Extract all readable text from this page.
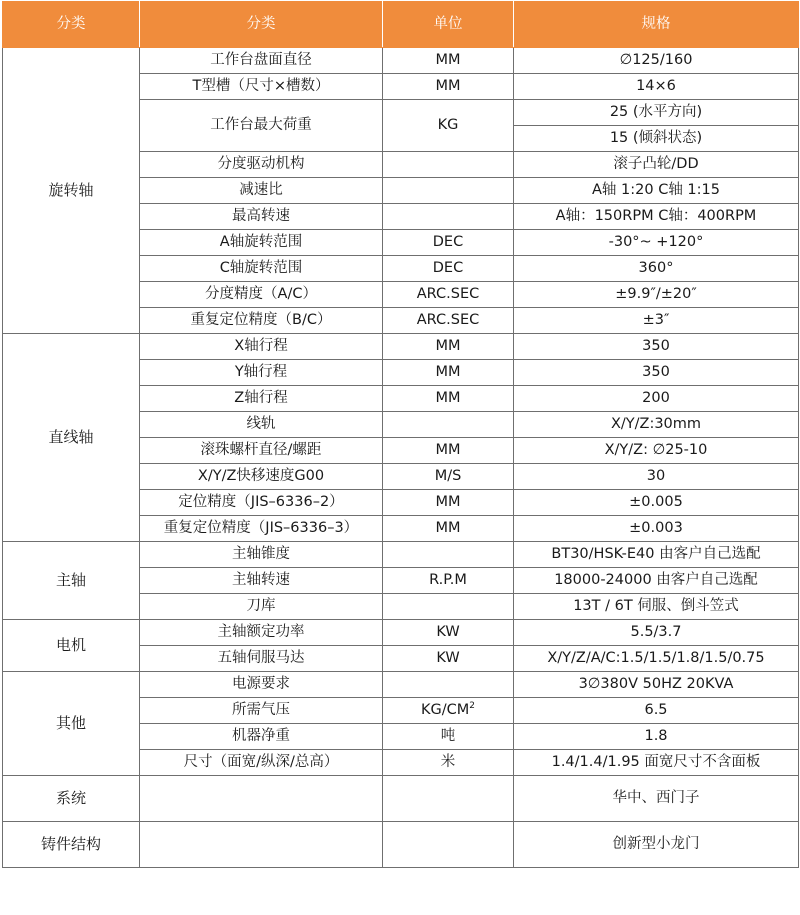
分类	分类	单位	规格
旋转轴	工作台盘面直径	MM	∅125/160
	T型槽（尺寸×槽数）	MM	14×6
	工作台最大荷重	KG	25 (水平方向)
			15 (倾斜状态)
	分度驱动机构		滚子凸轮/DD
	减速比		A轴 1:20 C轴 1:15
	最高转速		A轴：150RPM C轴：400RPM
	A轴旋转范围	DEC	-30°~ +120°
	C轴旋转范围	DEC	360°
	分度精度（A/C）	ARC.SEC	±9.9″/±20″
	重复定位精度（B/C）	ARC.SEC	±3″
直线轴	X轴行程	MM	350
	Y轴行程	MM	350
	Z轴行程	MM	200
	线轨		X/Y/Z:30mm
	滚珠螺杆直径/螺距	MM	X/Y/Z: ∅25-10
	X/Y/Z快移速度G00	M/S	30
	定位精度（JIS–6336–2）	MM	±0.005
	重复定位精度（JIS–6336–3）	MM	±0.003
主轴	主轴锥度		BT30/HSK-E40 由客户自己选配
	主轴转速	R.P.M	18000-24000 由客户自己选配
	刀库		13T / 6T 伺服、倒斗笠式
电机	主轴额定功率	KW	5.5/3.7
	五轴伺服马达	KW	X/Y/Z/A/C:1.5/1.5/1.8/1.5/0.75
其他	电源要求		3∅380V 50HZ 20KVA
	所需气压	$KG/CM^2$	6.5
	机器净重	吨	1.8
	尺寸（面宽/纵深/总高）	米	1.4/1.4/1.95 面宽尺寸不含面板
系统			华中、西门子
铸件结构			创新型小龙门
